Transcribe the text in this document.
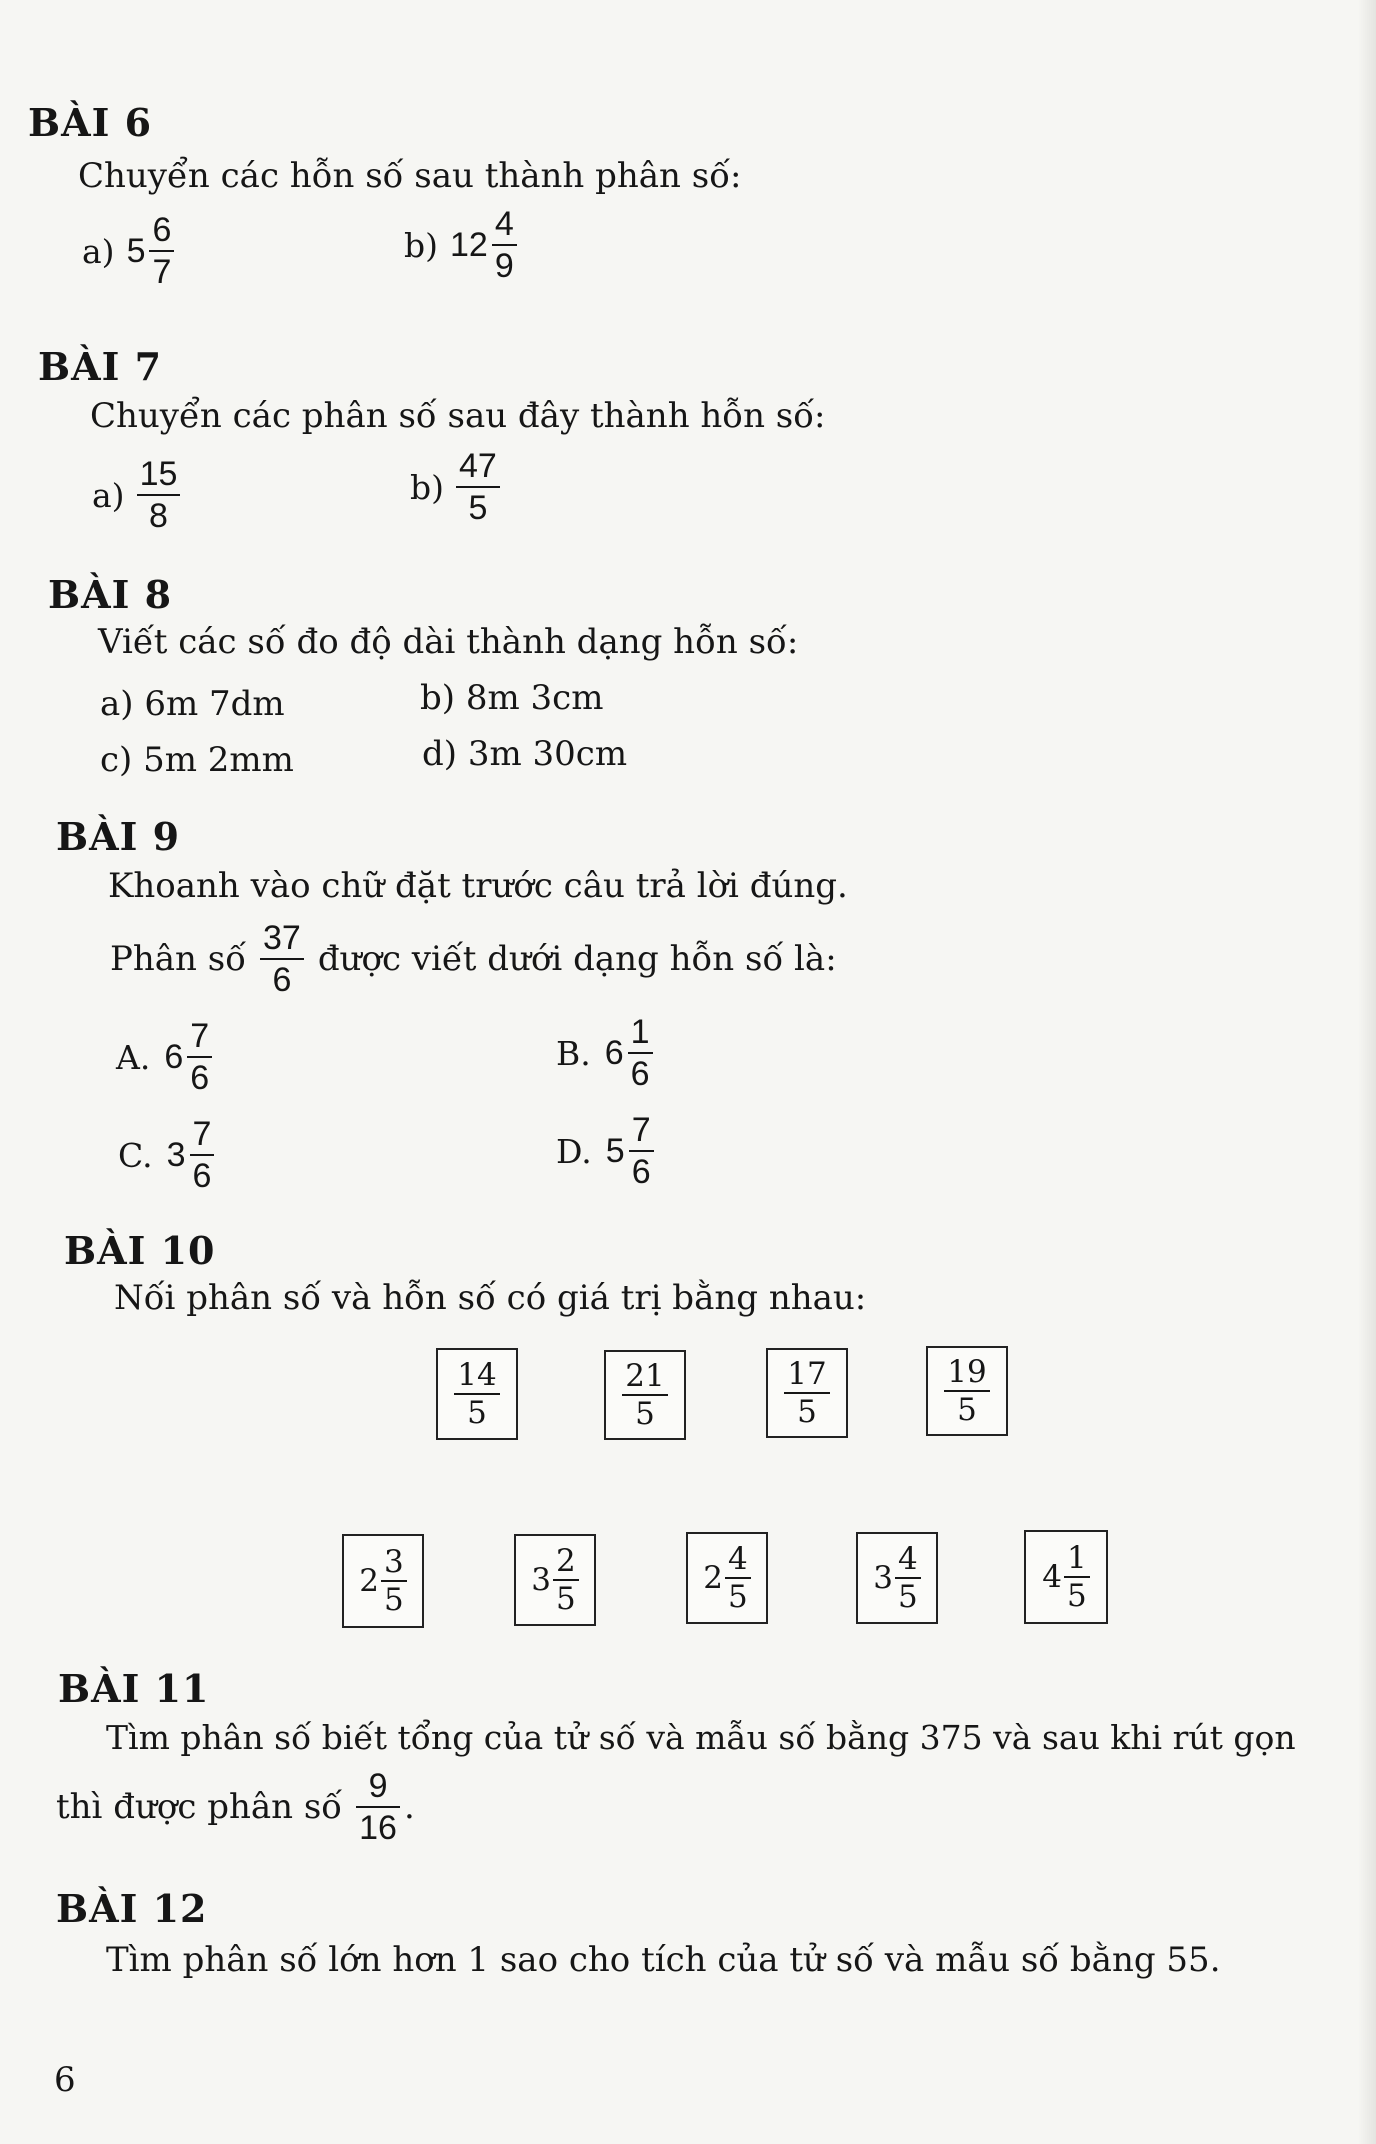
BÀI 6
Chuyển các hỗn số sau thành phân số:
a) $5 \frac{6}{7}$	b) $12 \frac{4}{9}$
BÀI 7
Chuyển các phân số sau đây thành hỗn số:
$a) \frac{15}{8}$	$b) \frac{47}{5}$
BÀI 8
Viết các số đo độ dài thành dạng hỗn số:
a) 6m 7dm	b) 8m 3cm
c) 5m 2mm	d) 3m 30cm
BÀI 9
Khoanh vào chữ đặt trước câu trả lời đúng.
Phân số $\frac{37}{6}$ được viết dưới dạng hỗn số là:
A. $6 \frac{7}{6}$	B. $6 \frac{1}{6}$
C. $3 \frac{7}{6}$	D. $5 \frac{7}{6}$
BÀI 10
Nối phân số và hỗn số có giá trị bằng nhau:
$\frac{14}{5}$	$\frac{21}{5}$	$\frac{17}{5}$	$\frac{19}{5}$
$2 \frac{3}{5}$	$3 \frac{2}{5}$	$2 \frac{4}{5}$	$3 \frac{4}{5}$	$4 \frac{1}{5}$
BÀI 11
Tìm phân số biết tổng của tử số và mẫu số bằng 375 và sau khi rút gọn
thì được phân số $\frac{9}{16}$ .
BÀI 12
Tìm phân số lớn hơn 1 sao cho tích của tử số và mẫu số bằng 55.
6
